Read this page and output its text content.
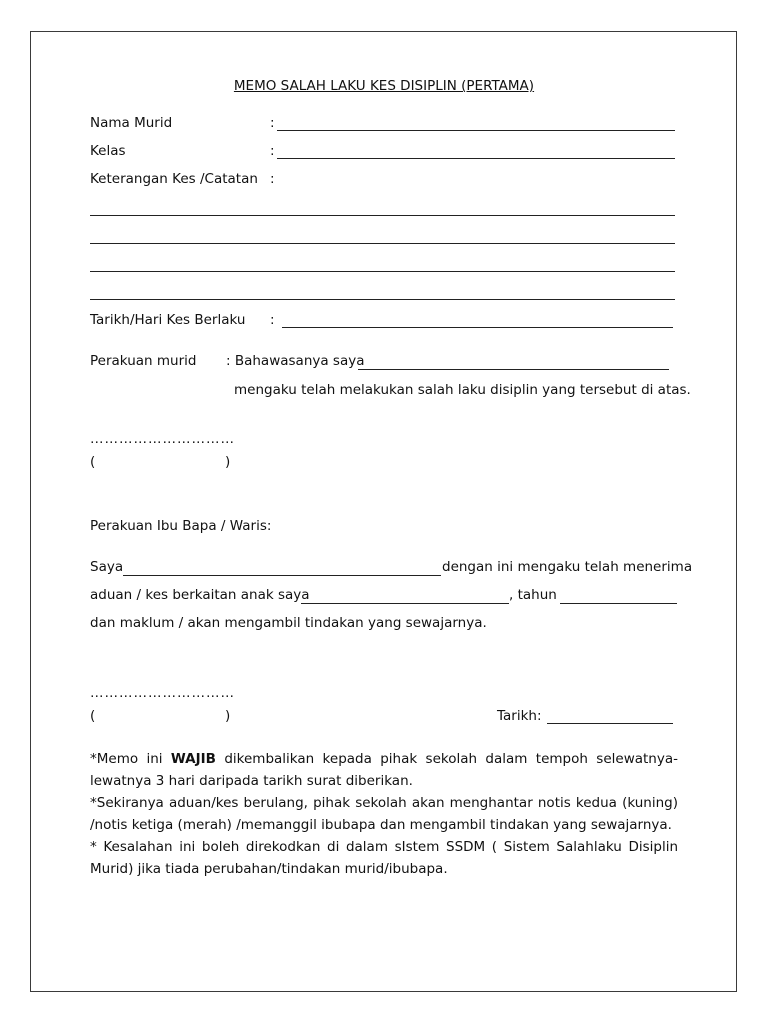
MEMO SALAH LAKU KES DISIPLIN (PERTAMA)
Nama Murid	:
Kelas	:
Keterangan Kes /Catatan :
Tarikh/Hari Kes Berlaku :
Perakuan murid : Bahawasanya saya
mengaku telah melakukan salah laku disiplin yang tersebut di atas.
…………………………
(	)
Perakuan Ibu Bapa / Waris:
Saya	dengan ini mengaku telah menerima
aduan / kes berkaitan anak saya	, tahun
dan maklum / akan mengambil tindakan yang sewajarnya.
…………………………
(	)	Tarikh:

*Memo ini WAJIB dikembalikan kepada pihak sekolah dalam tempoh selewatnya-lewatnya 3 hari daripada tarikh surat diberikan.

*Sekiranya aduan/kes berulang, pihak sekolah akan menghantar notis kedua (kuning) /notis ketiga (merah) /memanggil ibubapa dan mengambil tindakan yang sewajarnya.

* Kesalahan ini boleh direkodkan di dalam sIstem SSDM ( Sistem Salahlaku Disiplin Murid) jika tiada perubahan/tindakan murid/ibubapa.
